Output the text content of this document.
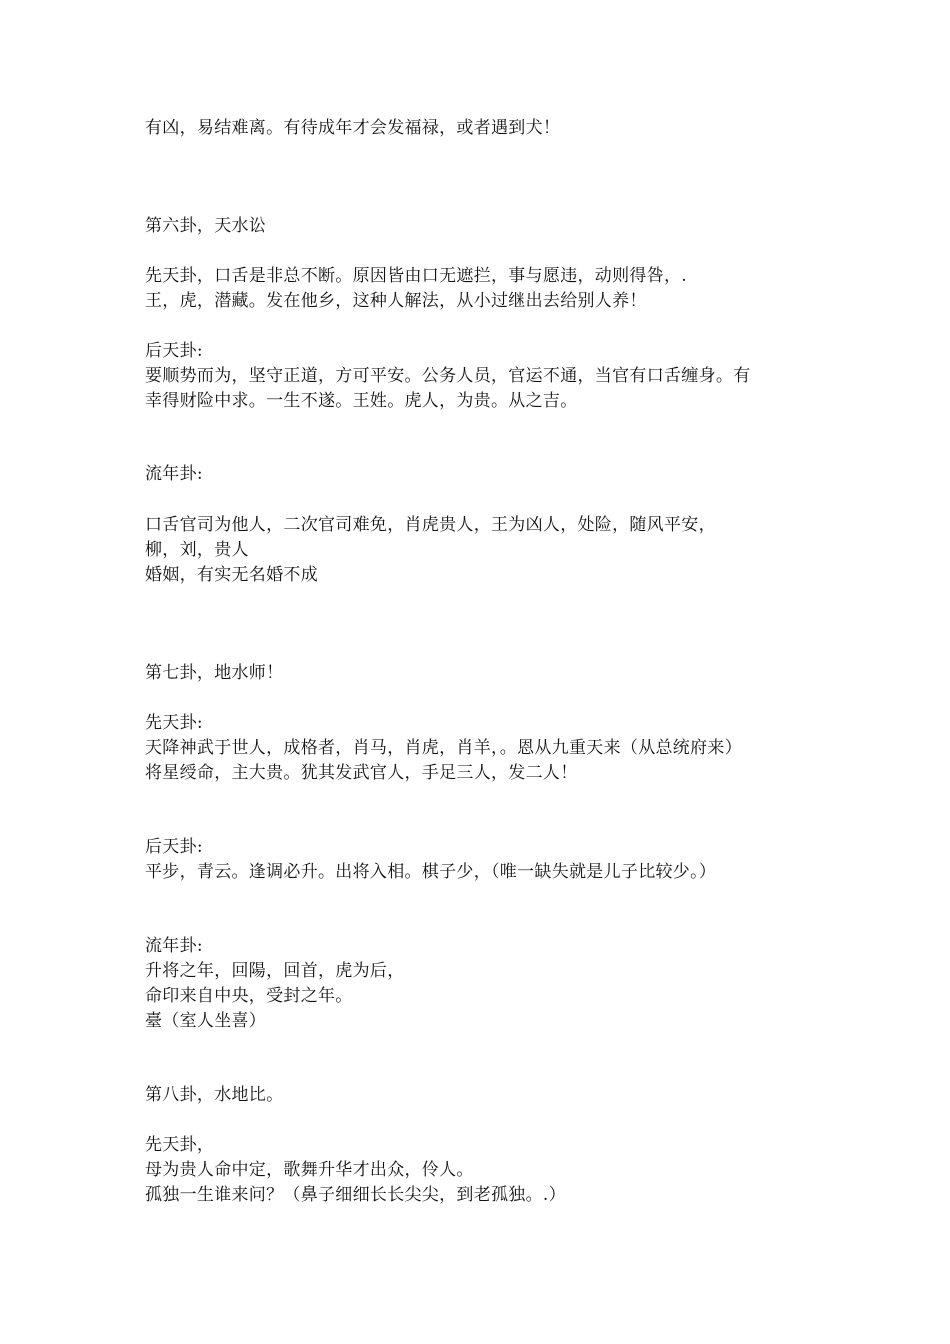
有凶，易结难离。有待成年才会发福禄，或者遇到犬！
第六卦，天水讼
先天卦，口舌是非总不断。原因皆由口无遮拦，事与愿违，动则得咎，.
王，虎，潜藏。发在他乡，这种人解法，从小过继出去给别人养！
后天卦:
要顺势而为，坚守正道，方可平安。公务人员，官运不通，当官有口舌缠身。有
幸得财险中求。一生不遂。王姓。虎人，为贵。从之吉。
流年卦:
口舌官司为他人，二次官司难免，肖虎贵人，王为凶人，处险，随风平安，
柳，刘，贵人
婚姻，有实无名婚不成
第七卦，地水师！
先天卦:
天降神武于世人，成格者，肖马，肖虎，肖羊，。恩从九重天来（从总统府来）
将星绶命，主大贵。犹其发武官人，手足三人，发二人！
后天卦:
平步，青云。逢调必升。出将入相。棋子少，（唯一缺失就是儿子比较少。）
流年卦:
升将之年，回陽，回首，虎为后，
命印来自中央，受封之年。
臺（室人坐喜）
第八卦，水地比。
先天卦，
母为贵人命中定，歌舞升华才出众，伶人。
孤独一生谁来问？（鼻子细细长长尖尖，到老孤独。.）
